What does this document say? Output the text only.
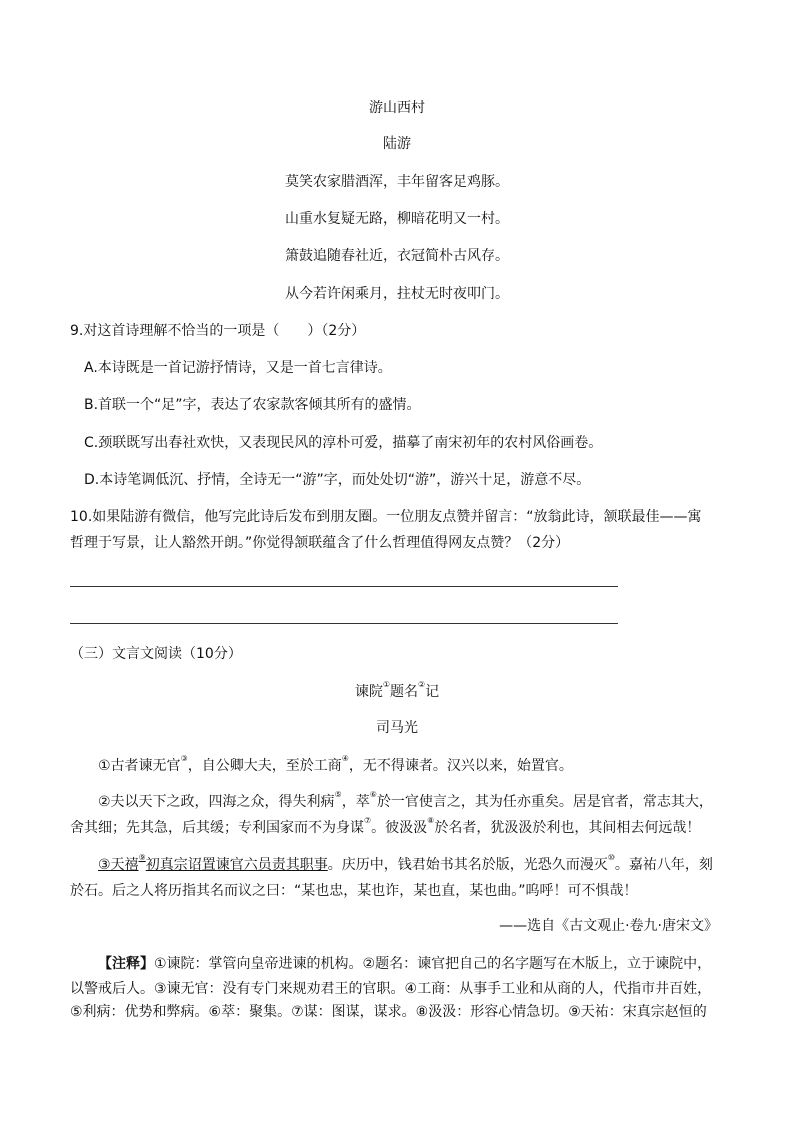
游山西村
陆游
莫笑农家腊酒浑，丰年留客足鸡豚。
山重水复疑无路，柳暗花明又一村。
箫鼓追随春社近，衣冠简朴古风存。
从今若许闲乘月，拄杖无时夜叩门。
9.对这首诗理解不恰当的一项是（　　）（2分）
A.本诗既是一首记游抒情诗，又是一首七言律诗。
B.首联一个“足”字，表达了农家款客倾其所有的盛情。
C.颈联既写出春社欢快，又表现民风的淳朴可爱，描摹了南宋初年的农村风俗画卷。
D.本诗笔调低沉、抒情，全诗无一“游”字，而处处切“游”，游兴十足，游意不尽。
10.如果陆游有微信，他写完此诗后发布到朋友圈。一位朋友点赞并留言：“放翁此诗，颔联最佳——寓
哲理于写景，让人豁然开朗。”你觉得颔联蕴含了什么哲理值得网友点赞？（2分）
（三）文言文阅读（10分）
谏院①题名②记
司马光
①古者谏无官③，自公卿大夫，至於工商④，无不得谏者。汉兴以来，始置官。
②夫以天下之政，四海之众，得失利病⑤，萃⑥於一官使言之，其为任亦重矣。居是官者，常志其大，
舍其细；先其急，后其缓；专利国家而不为身谋⑦。彼汲汲⑧於名者，犹汲汲於利也，其间相去何远哉！
③天禧⑨初真宗诏置谏官六员责其职事。庆历中，钱君始书其名於版，光恐久而漫灭⑩。嘉祐八年，刻
於石。后之人将历指其名而议之曰：“某也忠，某也诈，某也直，某也曲。”呜呼！可不惧哉！
——选自《古文观止·卷九·唐宋文》
【注释】①谏院：掌管向皇帝进谏的机构。②题名：谏官把自己的名字题写在木版上，立于谏院中，
以警戒后人。③谏无官：没有专门来规劝君王的官职。④工商：从事手工业和从商的人，代指市井百姓，
⑤利病：优势和弊病。⑥萃：聚集。⑦谋：图谋，谋求。⑧汲汲：形容心情急切。⑨天祐：宋真宗赵恒的
